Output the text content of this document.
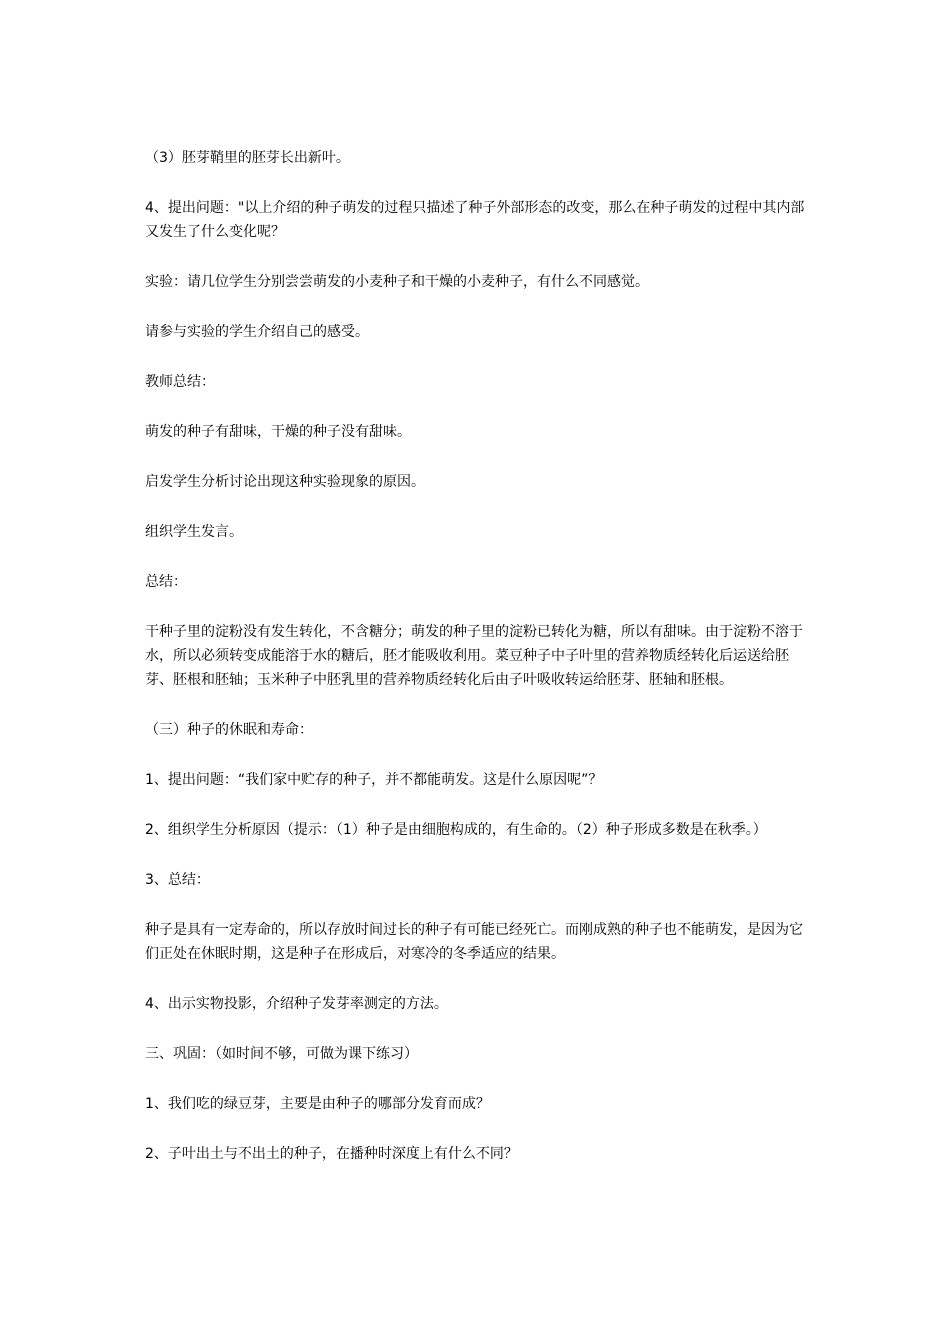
（3）胚芽鞘里的胚芽长出新叶。

4、提出问题："以上介绍的种子萌发的过程只描述了种子外部形态的改变，那么在种子萌发的过程中其内部又发生了什么变化呢？

实验：请几位学生分别尝尝萌发的小麦种子和干燥的小麦种子，有什么不同感觉。

请参与实验的学生介绍自己的感受。

教师总结：

萌发的种子有甜味，干燥的种子没有甜味。

启发学生分析讨论出现这种实验现象的原因。

组织学生发言。

总结：

干种子里的淀粉没有发生转化，不含糖分；萌发的种子里的淀粉已转化为糖，所以有甜味。由于淀粉不溶于水，所以必须转变成能溶于水的糖后，胚才能吸收利用。菜豆种子中子叶里的营养物质经转化后运送给胚芽、胚根和胚轴；玉米种子中胚乳里的营养物质经转化后由子叶吸收转运给胚芽、胚轴和胚根。

（三）种子的休眠和寿命：

1、提出问题：“我们家中贮存的种子，并不都能萌发。这是什么原因呢”？

2、组织学生分析原因（提示：（1）种子是由细胞构成的，有生命的。（2）种子形成多数是在秋季。）

3、总结：

种子是具有一定寿命的，所以存放时间过长的种子有可能已经死亡。而刚成熟的种子也不能萌发，是因为它们正处在休眠时期，这是种子在形成后，对寒冷的冬季适应的结果。

4、出示实物投影，介绍种子发芽率测定的方法。

三、巩固：（如时间不够，可做为课下练习）

1、我们吃的绿豆芽，主要是由种子的哪部分发育而成？

2、子叶出土与不出土的种子，在播种时深度上有什么不同？
